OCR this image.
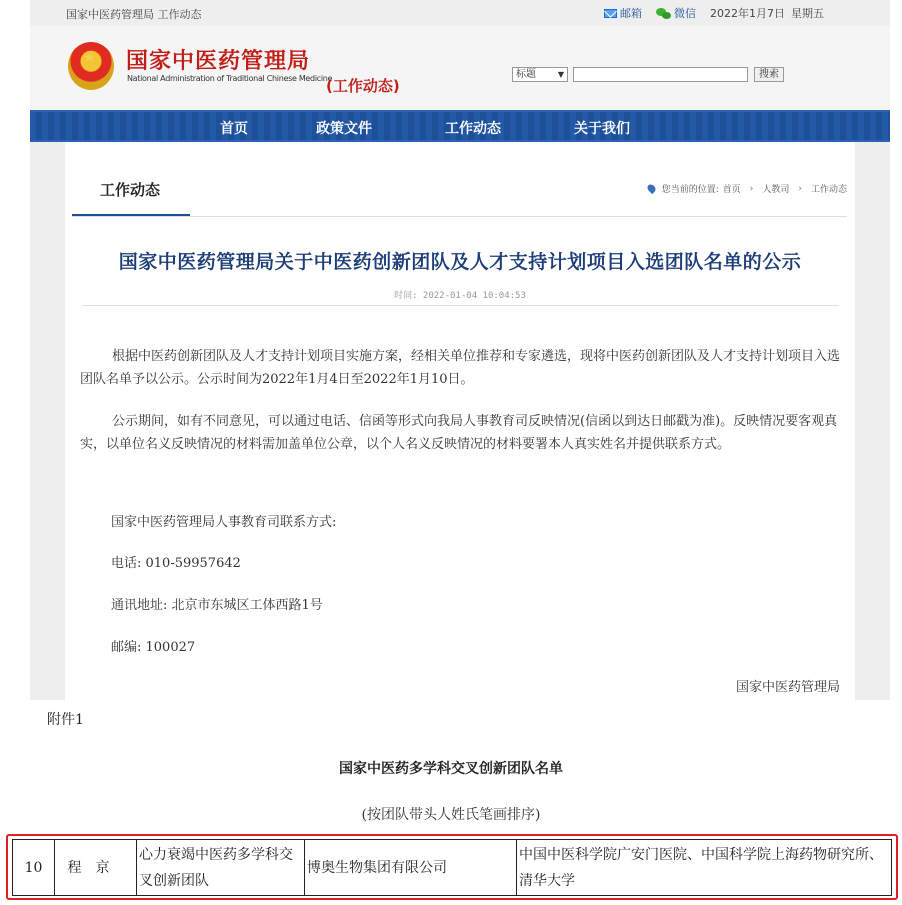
国家中医药管理局 工作动态	邮箱	微信 2022年1月7日 星期五
★
国家中医药管理局
National Administration of Traditional Chinese Medicine
(工作动态)
标题	▼	搜索
首页	政策文件	工作动态	关于我们
工作动态	您当前的位置: 首页 › 人教司 › 工作动态
国家中医药管理局关于中医药创新团队及人才支持计划项目入选团队名单的公示
时间: 2022-01-04 10:04:53
根据中医药创新团队及人才支持计划项目实施方案，经相关单位推荐和专家遴选，现将中医药创新团队及人才支持计划项目入选团队名单予以公示。公示时间为2022年1月4日至2022年1月10日。
公示期间，如有不同意见，可以通过电话、信函等形式向我局人事教育司反映情况(信函以到达日邮戳为准)。反映情况要客观真实，以单位名义反映情况的材料需加盖单位公章，以个人名义反映情况的材料要署本人真实姓名并提供联系方式。
国家中医药管理局人事教育司联系方式:
电话: 010-59957642
通讯地址: 北京市东城区工体西路1号
邮编: 100027
国家中医药管理局
附件1
国家中医药多学科交叉创新团队名单
(按团队带头人姓氏笔画排序)
10	程京	心力衰竭中医药多学科交叉创新团队	博奥生物集团有限公司	中国中医科学院广安门医院、中国科学院上海药物研究所、清华大学
